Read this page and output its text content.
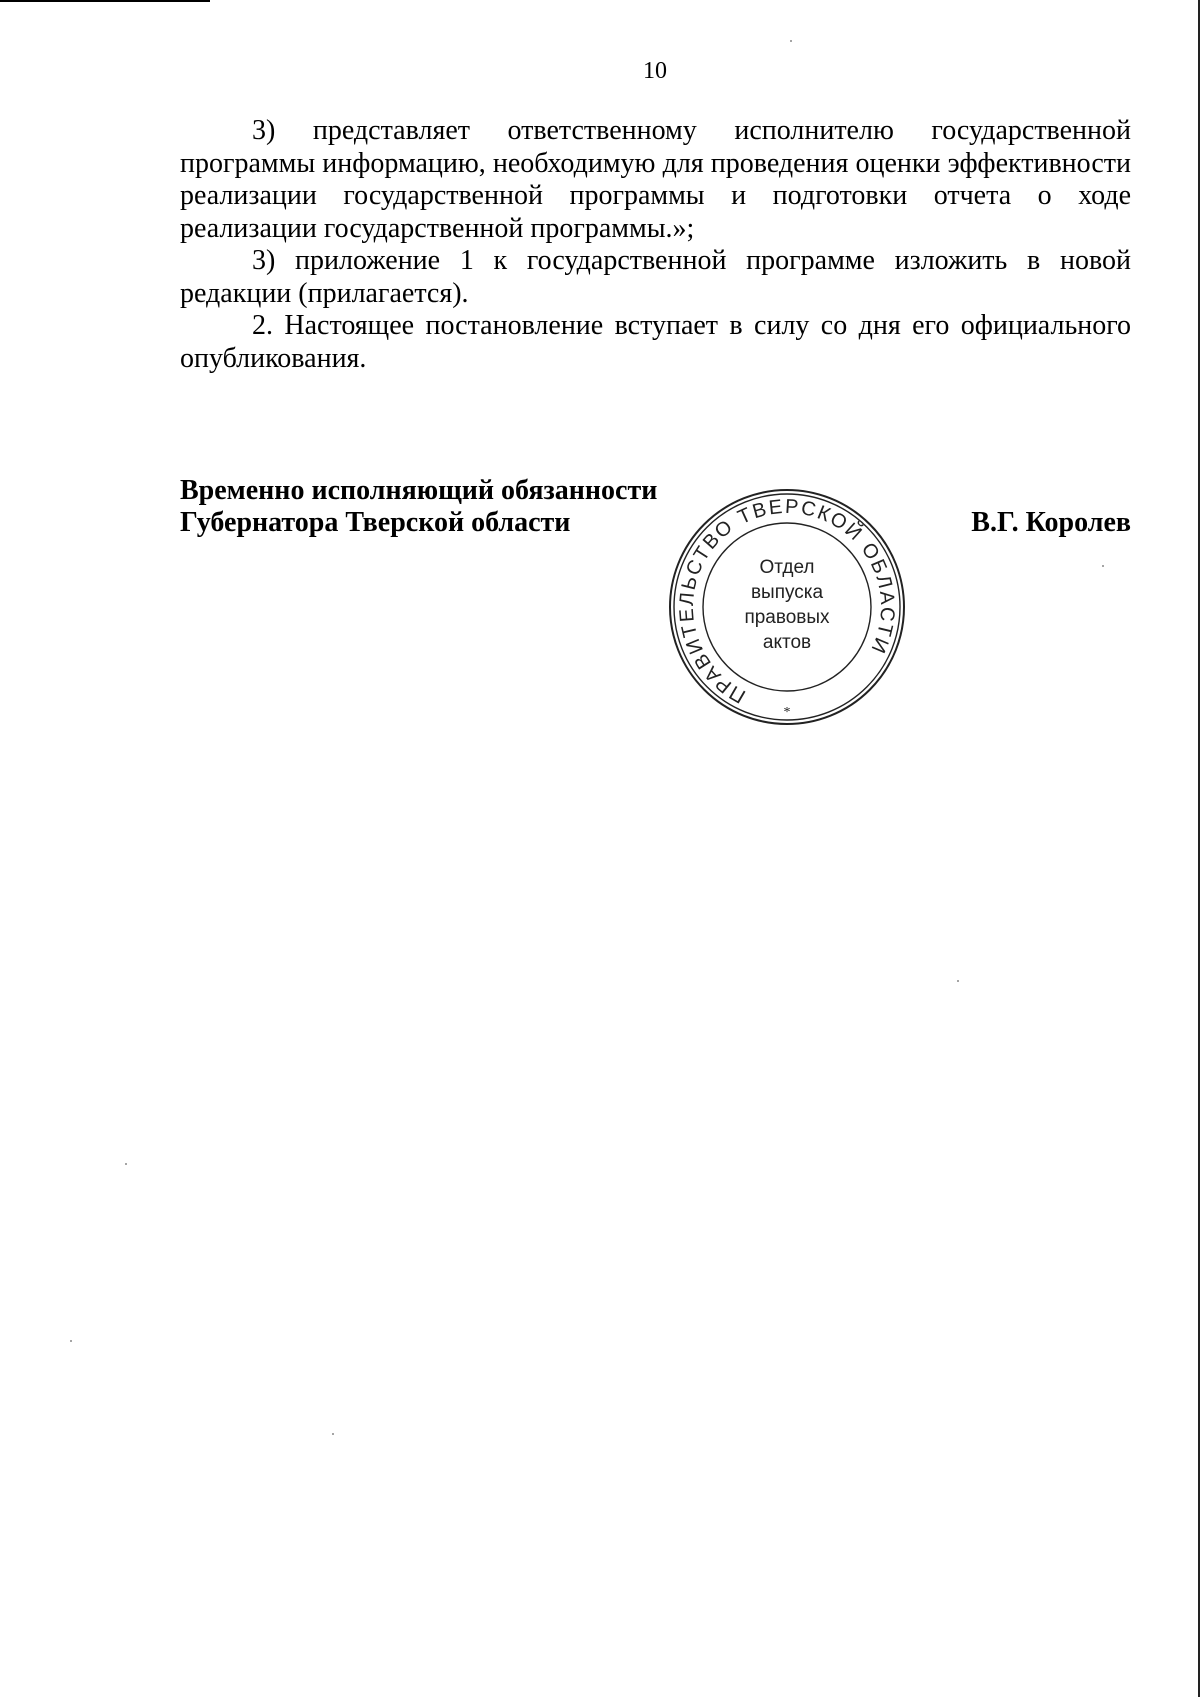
10

3) представляет ответственному исполнителю государственной программы информацию, необходимую для проведения оценки эффективности реализации государственной программы и подготовки отчета о ходе реализации государственной программы.»;

3) приложение 1 к государственной программе изложить в новой редакции (прилагается).

2. Настоящее постановление вступает в силу со дня его официального опубликования.

Временно исполняющий обязанности
Губернатора Тверской области	В.Г. Королев
ПРАВИТЕЛЬСТВО ТВЕРСКОЙ ОБЛАСТИ
*
Отдел
выпуска
правовых
актов
